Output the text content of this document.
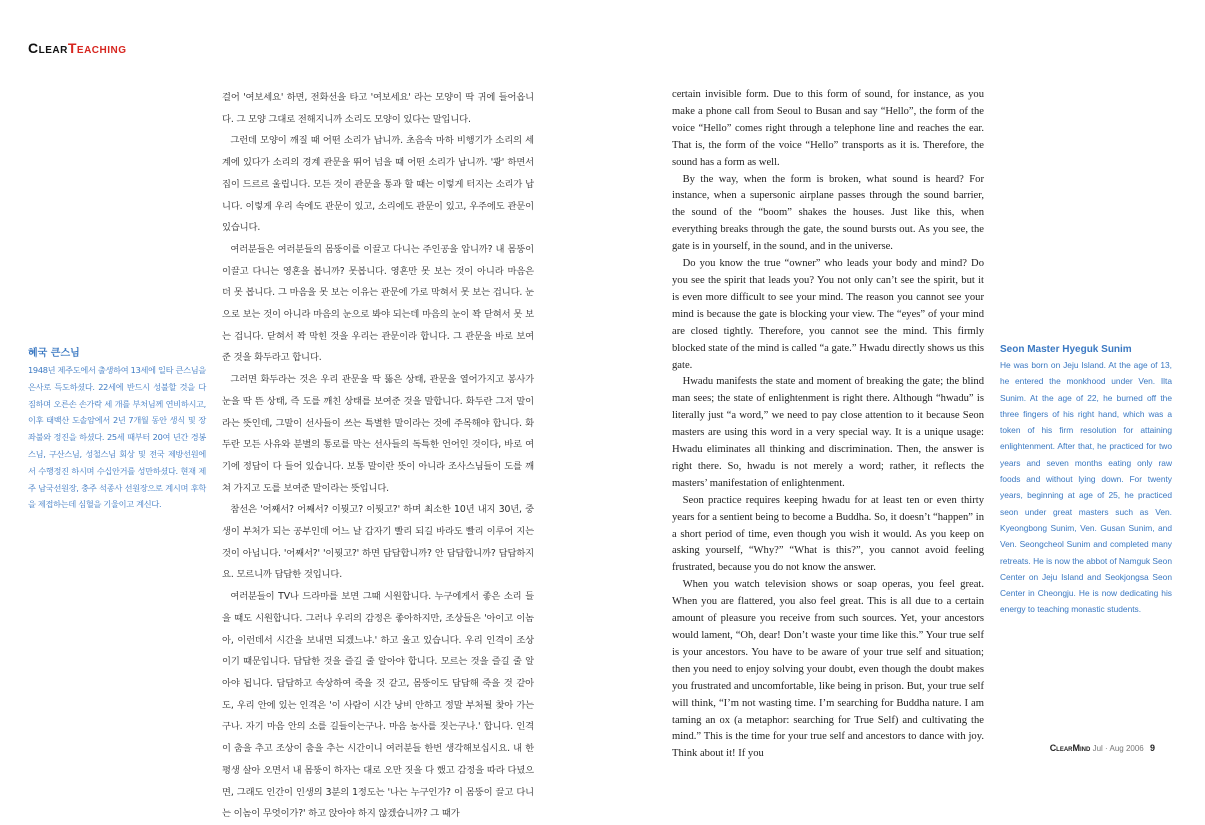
ClearTeaching
혜국 큰스님
1948년 제주도에서 출생하여 13세에 일타 큰스님을 은사로 득도하셨다. 22세에 반드시 성불할 것을 다짐하며 오른손 손가락 세 개를 부처님께 연비하시고, 이후 태백산 도솔암에서 2년 7개월 동안 생식 및 장좌불와 정진을 하셨다. 25세 때부터 20여 년간 경봉스님, 구산스님, 성철스님 회상 및 전국 제방선원에서 수행정진 하시며 수십안거를 성만하셨다. 현재 제주 남국선원장, 충주 석종사 선원장으로 계시며 후학을 제접하는데 심혈을 기울이고 계신다.

걸어 '여보세요' 하면, 전화선을 타고 '여보세요' 라는 모양이 딱 귀에 들어옵니다. 그 모양 그대로 전해지니까 소리도 모양이 있다는 말입니다.

그런데 모양이 깨질 때 어떤 소리가 납니까. 초음속 마하 비행기가 소리의 세계에 있다가 소리의 경계 관문을 뛰어 넘을 때 어떤 소리가 납니까. '쾅' 하면서 집이 드르르 울립니다. 모든 것이 관문을 통과 할 때는 이렇게 터지는 소리가 납니다. 이렇게 우리 속에도 관문이 있고, 소리에도 관문이 있고, 우주에도 관문이 있습니다.

여러분들은 여러분들의 몸뚱이를 이끌고 다니는 주인공을 압니까? 내 몸뚱이 이끌고 다니는 영혼을 봅니까? 못봅니다. 영혼만 못 보는 것이 아니라 마음은 더 못 봅니다. 그 마음을 못 보는 이유는 관문에 가로 막혀서 못 보는 겁니다. 눈으로 보는 것이 아니라 마음의 눈으로 봐야 되는데 마음의 눈이 꽉 닫혀서 못 보는 겁니다. 닫혀서 꽉 막힌 것을 우리는 관문이라 합니다. 그 관문을 바로 보여 준 것을 화두라고 합니다.

그러면 화두라는 것은 우리 관문을 딱 뚫은 상태, 관문을 열어가지고 봉사가 눈을 딱 뜬 상태, 즉 도를 깨친 상태를 보여준 것을 말합니다. 화두란 그저 말이라는 뜻인데, 그말이 선사들이 쓰는 특별한 말이라는 것에 주목해야 합니다. 화두란 모든 사유와 분별의 통로를 막는 선사들의 독특한 언어인 것이다, 바로 여기에 정답이 다 들어 있습니다. 보통 말이란 뜻이 아니라 조사스님들이 도를 깨쳐 가지고 도를 보여준 말이라는 뜻입니다.

참선은 '어째서? 어째서? 이뭣고? 이뭣고?' 하며 최소한 10년 내지 30년, 중생이 부처가 되는 공부인데 어느 날 갑자기 빨리 되길 바라도 빨리 이루어 지는 것이 아닙니다. '어째서?' '이뭣고?' 하면 답답합니까? 안 답답합니까? 답답하지요. 모르니까 답답한 것입니다.

여러분들이 TV나 드라마를 보면 그때 시원합니다. 누구에게서 좋은 소리 들을 때도 시원합니다. 그러나 우리의 감정은 좋아하지만, 조상들은 '아이고 이놈아, 이런데서 시간을 보내면 되겠느냐.' 하고 울고 있습니다. 우리 인격이 조상이기 때문입니다. 답답한 것을 즐길 줄 알아야 합니다. 모르는 것을 즐길 줄 알아야 됩니다. 답답하고 속상하여 죽을 것 같고, 몸뚱이도 답답해 죽을 것 같아도, 우리 안에 있는 인격은 '이 사람이 시간 낭비 안하고 정말 부처될 찾아 가는구나. 자기 마음 안의 소를 길들이는구나. 마음 농사를 짓는구나.' 합니다. 인격이 춤을 추고 조상이 춤을 추는 시간이니 여러분들 한번 생각해보십시요. 내 한평생 살아 오면서 내 몸뚱이 하자는 대로 오만 짓을 다 했고 감정을 따라 다녔으면, 그래도 인간이 인생의 3분의 1정도는 '나는 누구인가? 이 몸뚱이 끌고 다니는 이놈이 무엇이가?' 하고 앉아야 하지 않겠습니까? 그 때가

certain invisible form. Due to this form of sound, for instance, as you make a phone call from Seoul to Busan and say “Hello”, the form of the voice “Hello” comes right through a telephone line and reaches the ear. That is, the form of the voice “Hello” transports as it is. Therefore, the sound has a form as well.

By the way, when the form is broken, what sound is heard? For instance, when a supersonic airplane passes through the sound barrier, the sound of the “boom” shakes the houses. Just like this, when everything breaks through the gate, the sound bursts out. As you see, the gate is in yourself, in the sound, and in the universe.

Do you know the true “owner” who leads your body and mind? Do you see the spirit that leads you? You not only can’t see the spirit, but it is even more difficult to see your mind. The reason you cannot see your mind is because the gate is blocking your view. The “eyes” of your mind are closed tightly. Therefore, you cannot see the mind. This firmly blocked state of the mind is called “a gate.” Hwadu directly shows us this gate.

Hwadu manifests the state and moment of breaking the gate; the blind man sees; the state of enlightenment is right there. Although “hwadu” is literally just “a word,” we need to pay close attention to it because Seon masters are using this word in a very special way. It is a unique usage: Hwadu eliminates all thinking and discrimination. Then, the answer is right there. So, hwadu is not merely a word; rather, it reflects the masters’ manifestation of enlightenment.

Seon practice requires keeping hwadu for at least ten or even thirty years for a sentient being to become a Buddha. So, it doesn’t “happen” in a short period of time, even though you wish it would. As you keep on asking yourself, “Why?” “What is this?”, you cannot avoid feeling frustrated, because you do not know the answer.

When you watch television shows or soap operas, you feel great. When you are flattered, you also feel great. This is all due to a certain amount of pleasure you receive from such sources. Yet, your ancestors would lament, “Oh, dear! Don’t waste your time like this.” Your true self is your ancestors. You have to be aware of your true self and situation; then you need to enjoy solving your doubt, even though the doubt makes you frustrated and uncomfortable, like being in prison. But, your true self will think, “I’m not wasting time. I’m searching for Buddha nature. I am taming an ox (a metaphor: searching for True Self) and cultivating the mind.” This is the time for your true self and ancestors to dance with joy. Think about it! If you

Seon Master Hyeguk Sunim
He was born on Jeju Island. At the age of 13, he entered the monkhood under Ven. Ilta Sunim. At the age of 22, he burned off the three fingers of his right hand, which was a token of his firm resolution for attaining enlightenment. After that, he practiced for two years and seven months eating only raw foods and without lying down. For twenty years, beginning at age of 25, he practiced seon under great masters such as Ven. Kyeongbong Sunim, Ven. Gusan Sunim, and Ven. Seongcheol Sunim and completed many retreats. He is now the abbot of Namguk Seon Center on Jeju Island and Seokjongsa Seon Center in Cheongju. He is now dedicating his energy to teaching monastic students.
ClearMind Jul · Aug 2006 9
